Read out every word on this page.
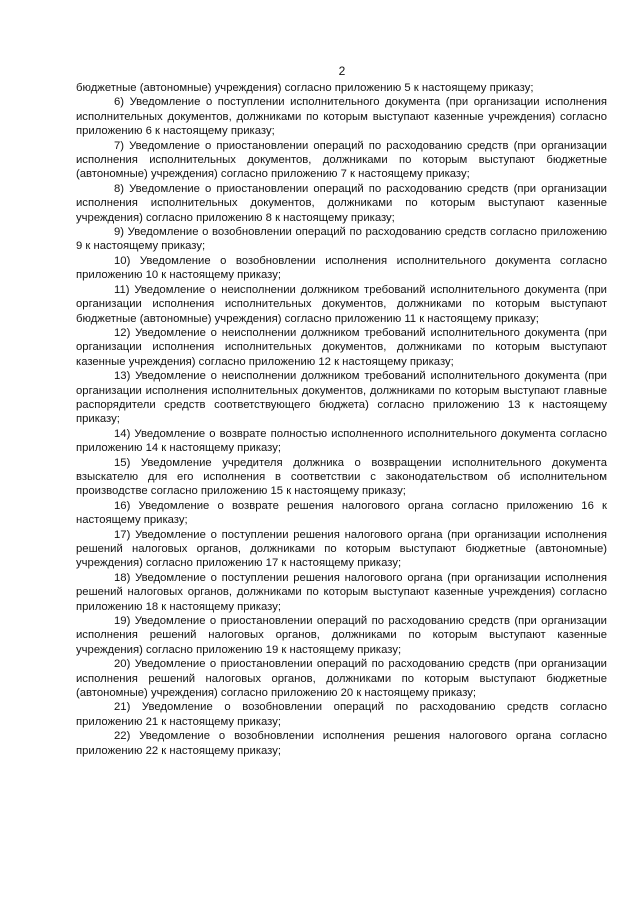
2

бюджетные (автономные) учреждения) согласно приложению 5 к настоящему приказу;

6) Уведомление о поступлении исполнительного документа (при организации исполнения исполнительных документов, должниками по которым выступают казенные учреждения) согласно приложению 6 к настоящему приказу;

7) Уведомление о приостановлении операций по расходованию средств (при организации исполнения исполнительных документов, должниками по которым выступают бюджетные (автономные) учреждения) согласно приложению 7 к настоящему приказу;

8) Уведомление о приостановлении операций по расходованию средств (при организации исполнения исполнительных документов, должниками по которым выступают казенные учреждения) согласно приложению 8 к настоящему приказу;

9) Уведомление о возобновлении операций по расходованию средств согласно приложению 9 к настоящему приказу;

10) Уведомление о возобновлении исполнения исполнительного документа согласно приложению 10 к настоящему приказу;

11) Уведомление о неисполнении должником требований исполнительного документа (при организации исполнения исполнительных документов, должниками по которым выступают бюджетные (автономные) учреждения) согласно приложению 11 к настоящему приказу;

12) Уведомление о неисполнении должником требований исполнительного документа (при организации исполнения исполнительных документов, должниками по которым выступают казенные учреждения) согласно приложению 12 к настоящему приказу;

13) Уведомление о неисполнении должником требований исполнительного документа (при организации исполнения исполнительных документов, должниками по которым выступают главные распорядители средств соответствующего бюджета) согласно приложению 13 к настоящему приказу;

14) Уведомление о возврате полностью исполненного исполнительного документа согласно приложению 14 к настоящему приказу;

15) Уведомление учредителя должника о возвращении исполнительного документа взыскателю для его исполнения в соответствии с законодательством об исполнительном производстве согласно приложению 15 к настоящему приказу;

16) Уведомление о возврате решения налогового органа согласно приложению 16 к настоящему приказу;

17) Уведомление о поступлении решения налогового органа (при организации исполнения решений налоговых органов, должниками по которым выступают бюджетные (автономные) учреждения) согласно приложению 17 к настоящему приказу;

18) Уведомление о поступлении решения налогового органа (при организации исполнения решений налоговых органов, должниками по которым выступают казенные учреждения) согласно приложению 18 к настоящему приказу;

19) Уведомление о приостановлении операций по расходованию средств (при организации исполнения решений налоговых органов, должниками по которым выступают казенные учреждения) согласно приложению 19 к настоящему приказу;

20) Уведомление о приостановлении операций по расходованию средств (при организации исполнения решений налоговых органов, должниками по которым выступают бюджетные (автономные) учреждения) согласно приложению 20 к настоящему приказу;

21) Уведомление о возобновлении операций по расходованию средств согласно приложению 21 к настоящему приказу;

22) Уведомление о возобновлении исполнения решения налогового органа согласно приложению 22 к настоящему приказу;
